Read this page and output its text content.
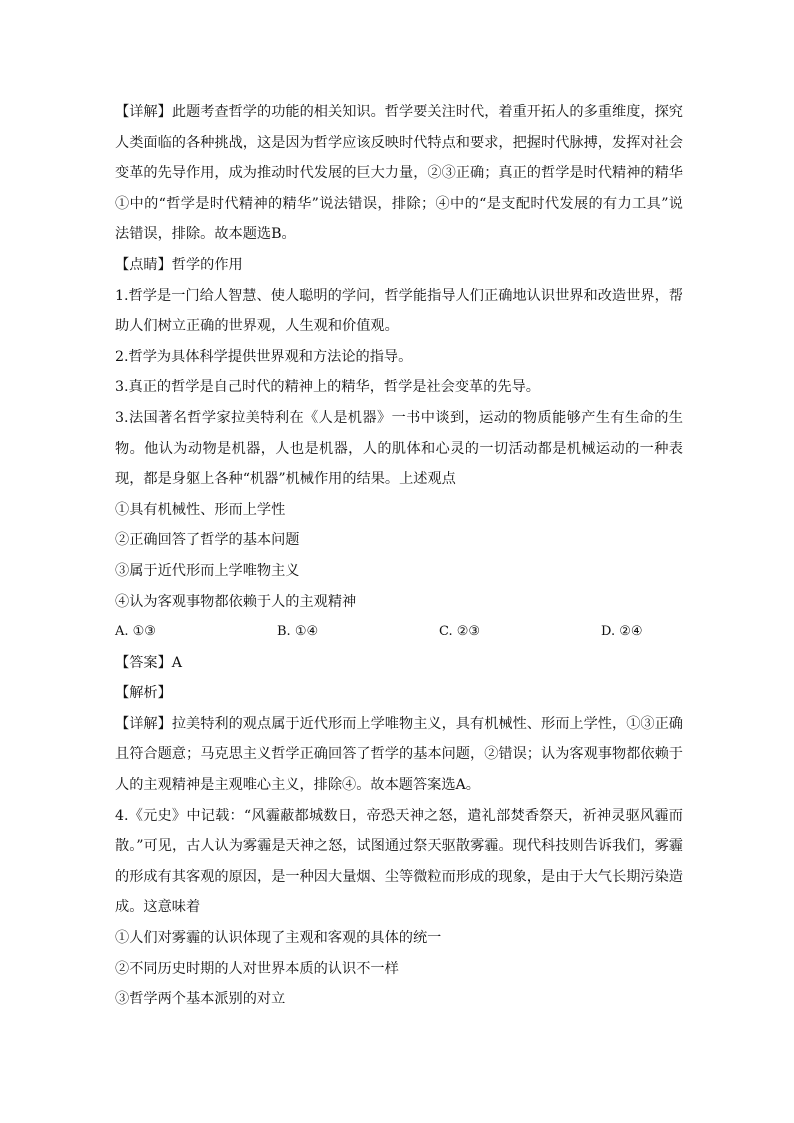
【详解】此题考查哲学的功能的相关知识。哲学要关注时代，着重开拓人的多重维度，探究人类面临的各种挑战，这是因为哲学应该反映时代特点和要求，把握时代脉搏，发挥对社会变革的先导作用，成为推动时代发展的巨大力量，②③正确；真正的哲学是时代精神的精华①中的“哲学是时代精神的精华”说法错误，排除；④中的“是支配时代发展的有力工具”说法错误，排除。故本题选B。

【点睛】哲学的作用

1.哲学是一门给人智慧、使人聪明的学问，哲学能指导人们正确地认识世界和改造世界，帮助人们树立正确的世界观，人生观和价值观。

2.哲学为具体科学提供世界观和方法论的指导。

3.真正的哲学是自己时代的精神上的精华，哲学是社会变革的先导。

3.法国著名哲学家拉美特利在《人是机器》一书中谈到，运动的物质能够产生有生命的生物。他认为动物是机器，人也是机器，人的肌体和心灵的一切活动都是机械运动的一种表现，都是身躯上各种“机器”机械作用的结果。上述观点

①具有机械性、形而上学性

②正确回答了哲学的基本问题

③属于近代形而上学唯物主义

④认为客观事物都依赖于人的主观精神

A. ①③	B. ①④	C. ②③	D. ②④

【答案】A

【解析】

【详解】拉美特利的观点属于近代形而上学唯物主义，具有机械性、形而上学性，①③正确且符合题意；马克思主义哲学正确回答了哲学的基本问题，②错误；认为客观事物都依赖于人的主观精神是主观唯心主义，排除④。故本题答案选A。

4.《元史》中记载：“风霾蔽都城数日，帝恐天神之怒，遣礼部焚香祭天，祈神灵驱风霾而散。”可见，古人认为雾霾是天神之怒，试图通过祭天驱散雾霾。现代科技则告诉我们，雾霾的形成有其客观的原因，是一种因大量烟、尘等微粒而形成的现象，是由于大气长期污染造成。这意味着

①人们对雾霾的认识体现了主观和客观的具体的统一

②不同历史时期的人对世界本质的认识不一样

③哲学两个基本派别的对立
